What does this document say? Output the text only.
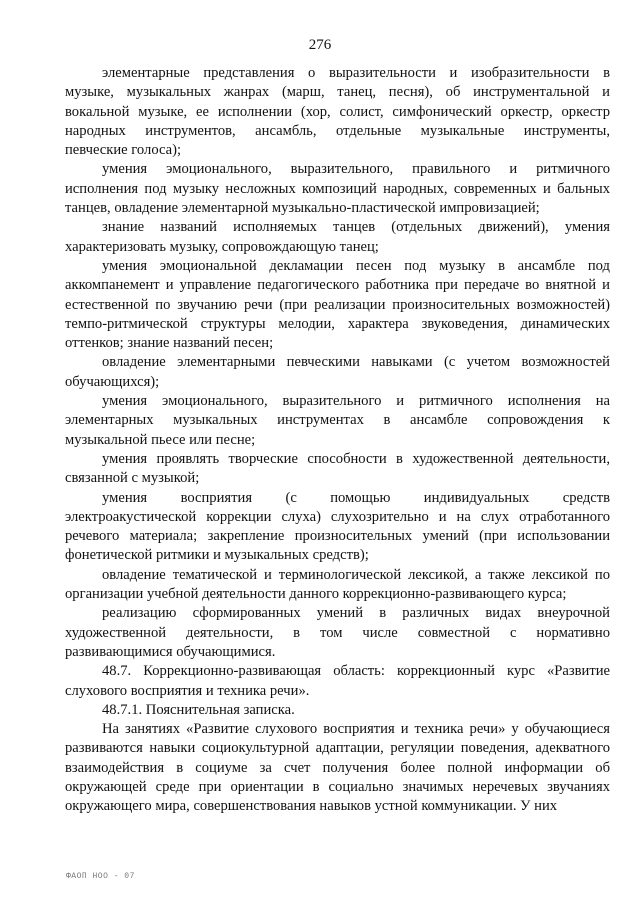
276

элементарные представления о выразительности и изобразительности в
музыке, музыкальных жанрах (марш, танец, песня), об инструментальной и
вокальной музыке, ее исполнении (хор, солист, симфонический оркестр, оркестр
народных инструментов, ансамбль, отдельные музыкальные инструменты,
певческие голоса);

умения эмоционального, выразительного, правильного и ритмичного
исполнения под музыку несложных композиций народных, современных и бальных
танцев, овладение элементарной музыкально-пластической импровизацией;

знание названий исполняемых танцев (отдельных движений), умения
характеризовать музыку, сопровождающую танец;

умения эмоциональной декламации песен под музыку в ансамбле под
аккомпанемент и управление педагогического работника при передаче во внятной и
естественной по звучанию речи (при реализации произносительных возможностей)
темпо-ритмической структуры мелодии, характера звуковедения, динамических
оттенков; знание названий песен;

овладение элементарными певческими навыками (с учетом возможностей
обучающихся);

умения эмоционального, выразительного и ритмичного исполнения на
элементарных музыкальных инструментах в ансамбле сопровождения к
музыкальной пьесе или песне;

умения проявлять творческие способности в художественной деятельности,
связанной с музыкой;

умения восприятия (с помощью индивидуальных средств
электроакустической коррекции слуха) слухозрительно и на слух отработанного
речевого материала; закрепление произносительных умений (при использовании
фонетической ритмики и музыкальных средств);

овладение тематической и терминологической лексикой, а также лексикой по
организации учебной деятельности данного коррекционно-развивающего курса;

реализацию сформированных умений в различных видах внеурочной
художественной деятельности, в том числе совместной с нормативно
развивающимися обучающимися.

48.7. Коррекционно-развивающая область: коррекционный курс «Развитие
слухового восприятия и техника речи».

48.7.1. Пояснительная записка.

На занятиях «Развитие слухового восприятия и техника речи» у обучающиеся
развиваются навыки социокультурной адаптации, регуляции поведения, адекватного
взаимодействия в социуме за счет получения более полной информации об
окружающей среде при ориентации в социально значимых неречевых звучаниях
окружающего мира, совершенствования навыков устной коммуникации. У них

ФАОП НОО - 07
